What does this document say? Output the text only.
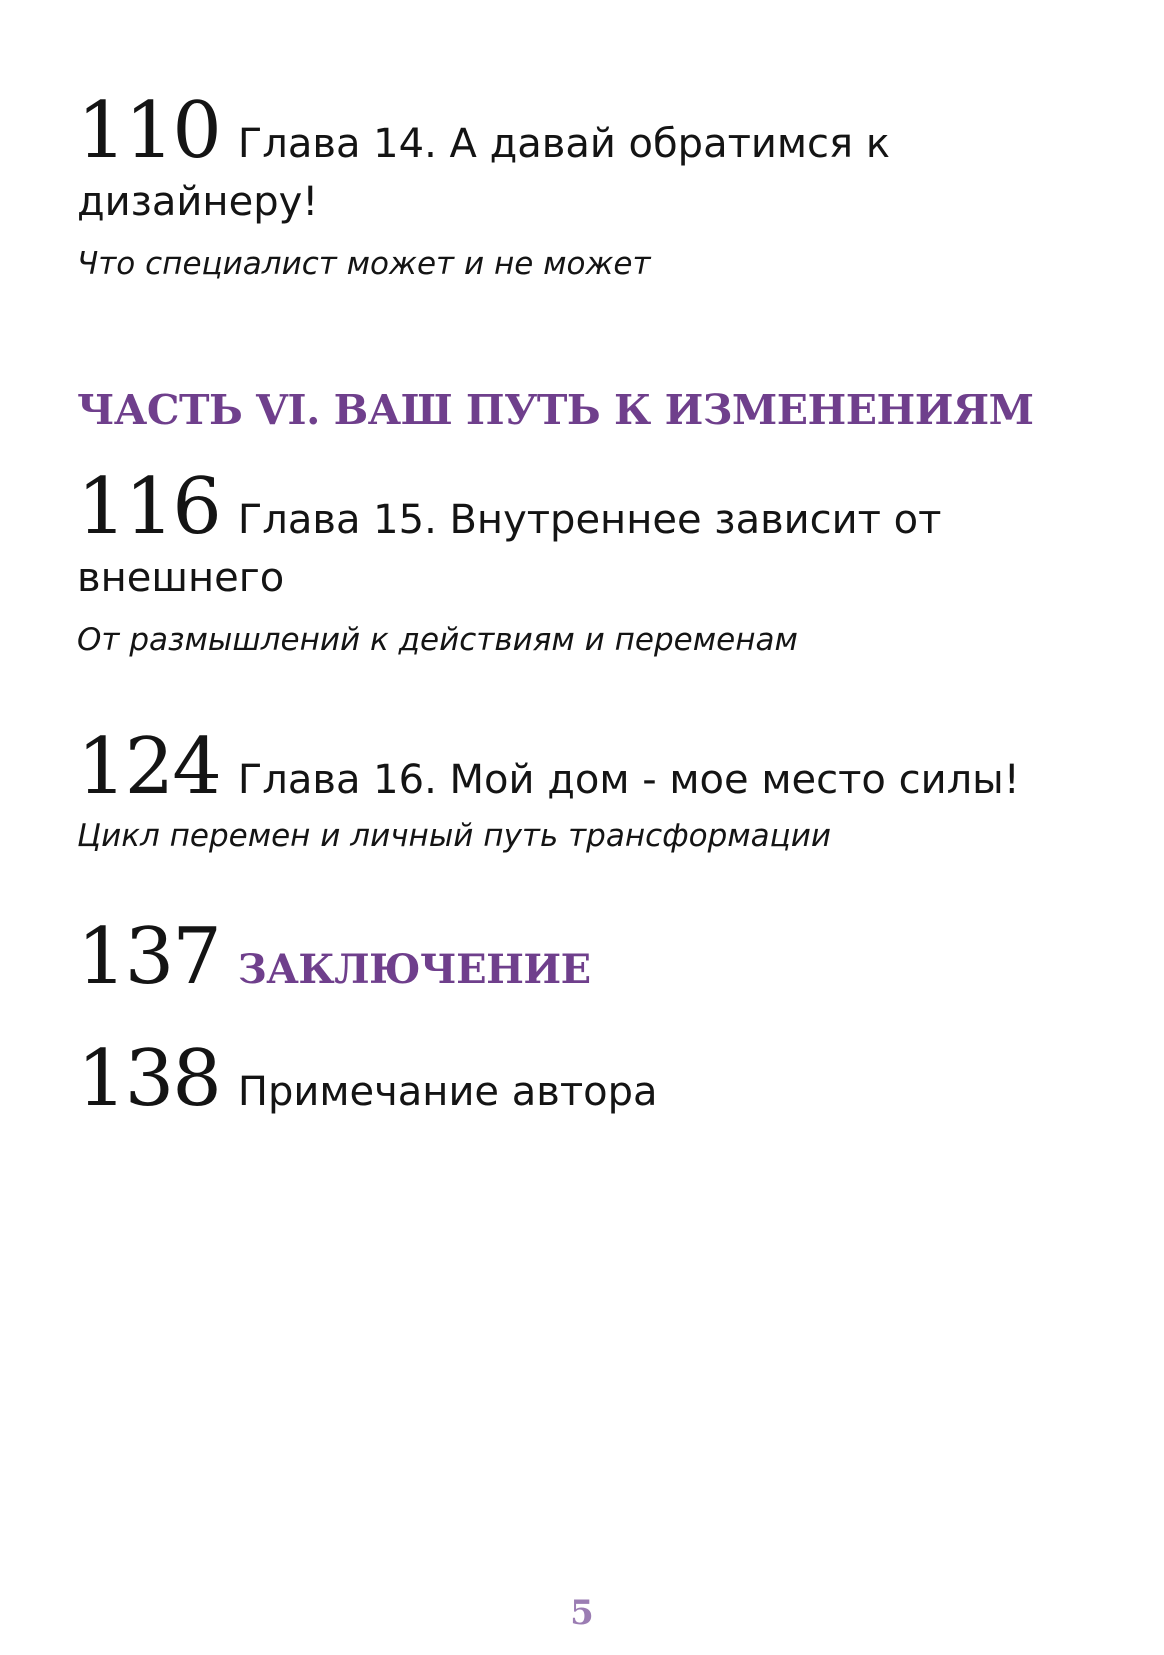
110 Глава 14. А давай обратимся к
дизайнеру!
Что специалист может и не может
ЧАСТЬ VI. ВАШ ПУТЬ К ИЗМЕНЕНИЯМ
116 Глава 15. Внутреннее зависит от
внешнего
От размышлений к действиям и переменам
124 Глава 16. Мой дом - мое место силы!
Цикл перемен и личный путь трансформации
137 ЗАКЛЮЧЕНИЕ
138 Примечание автора
5
